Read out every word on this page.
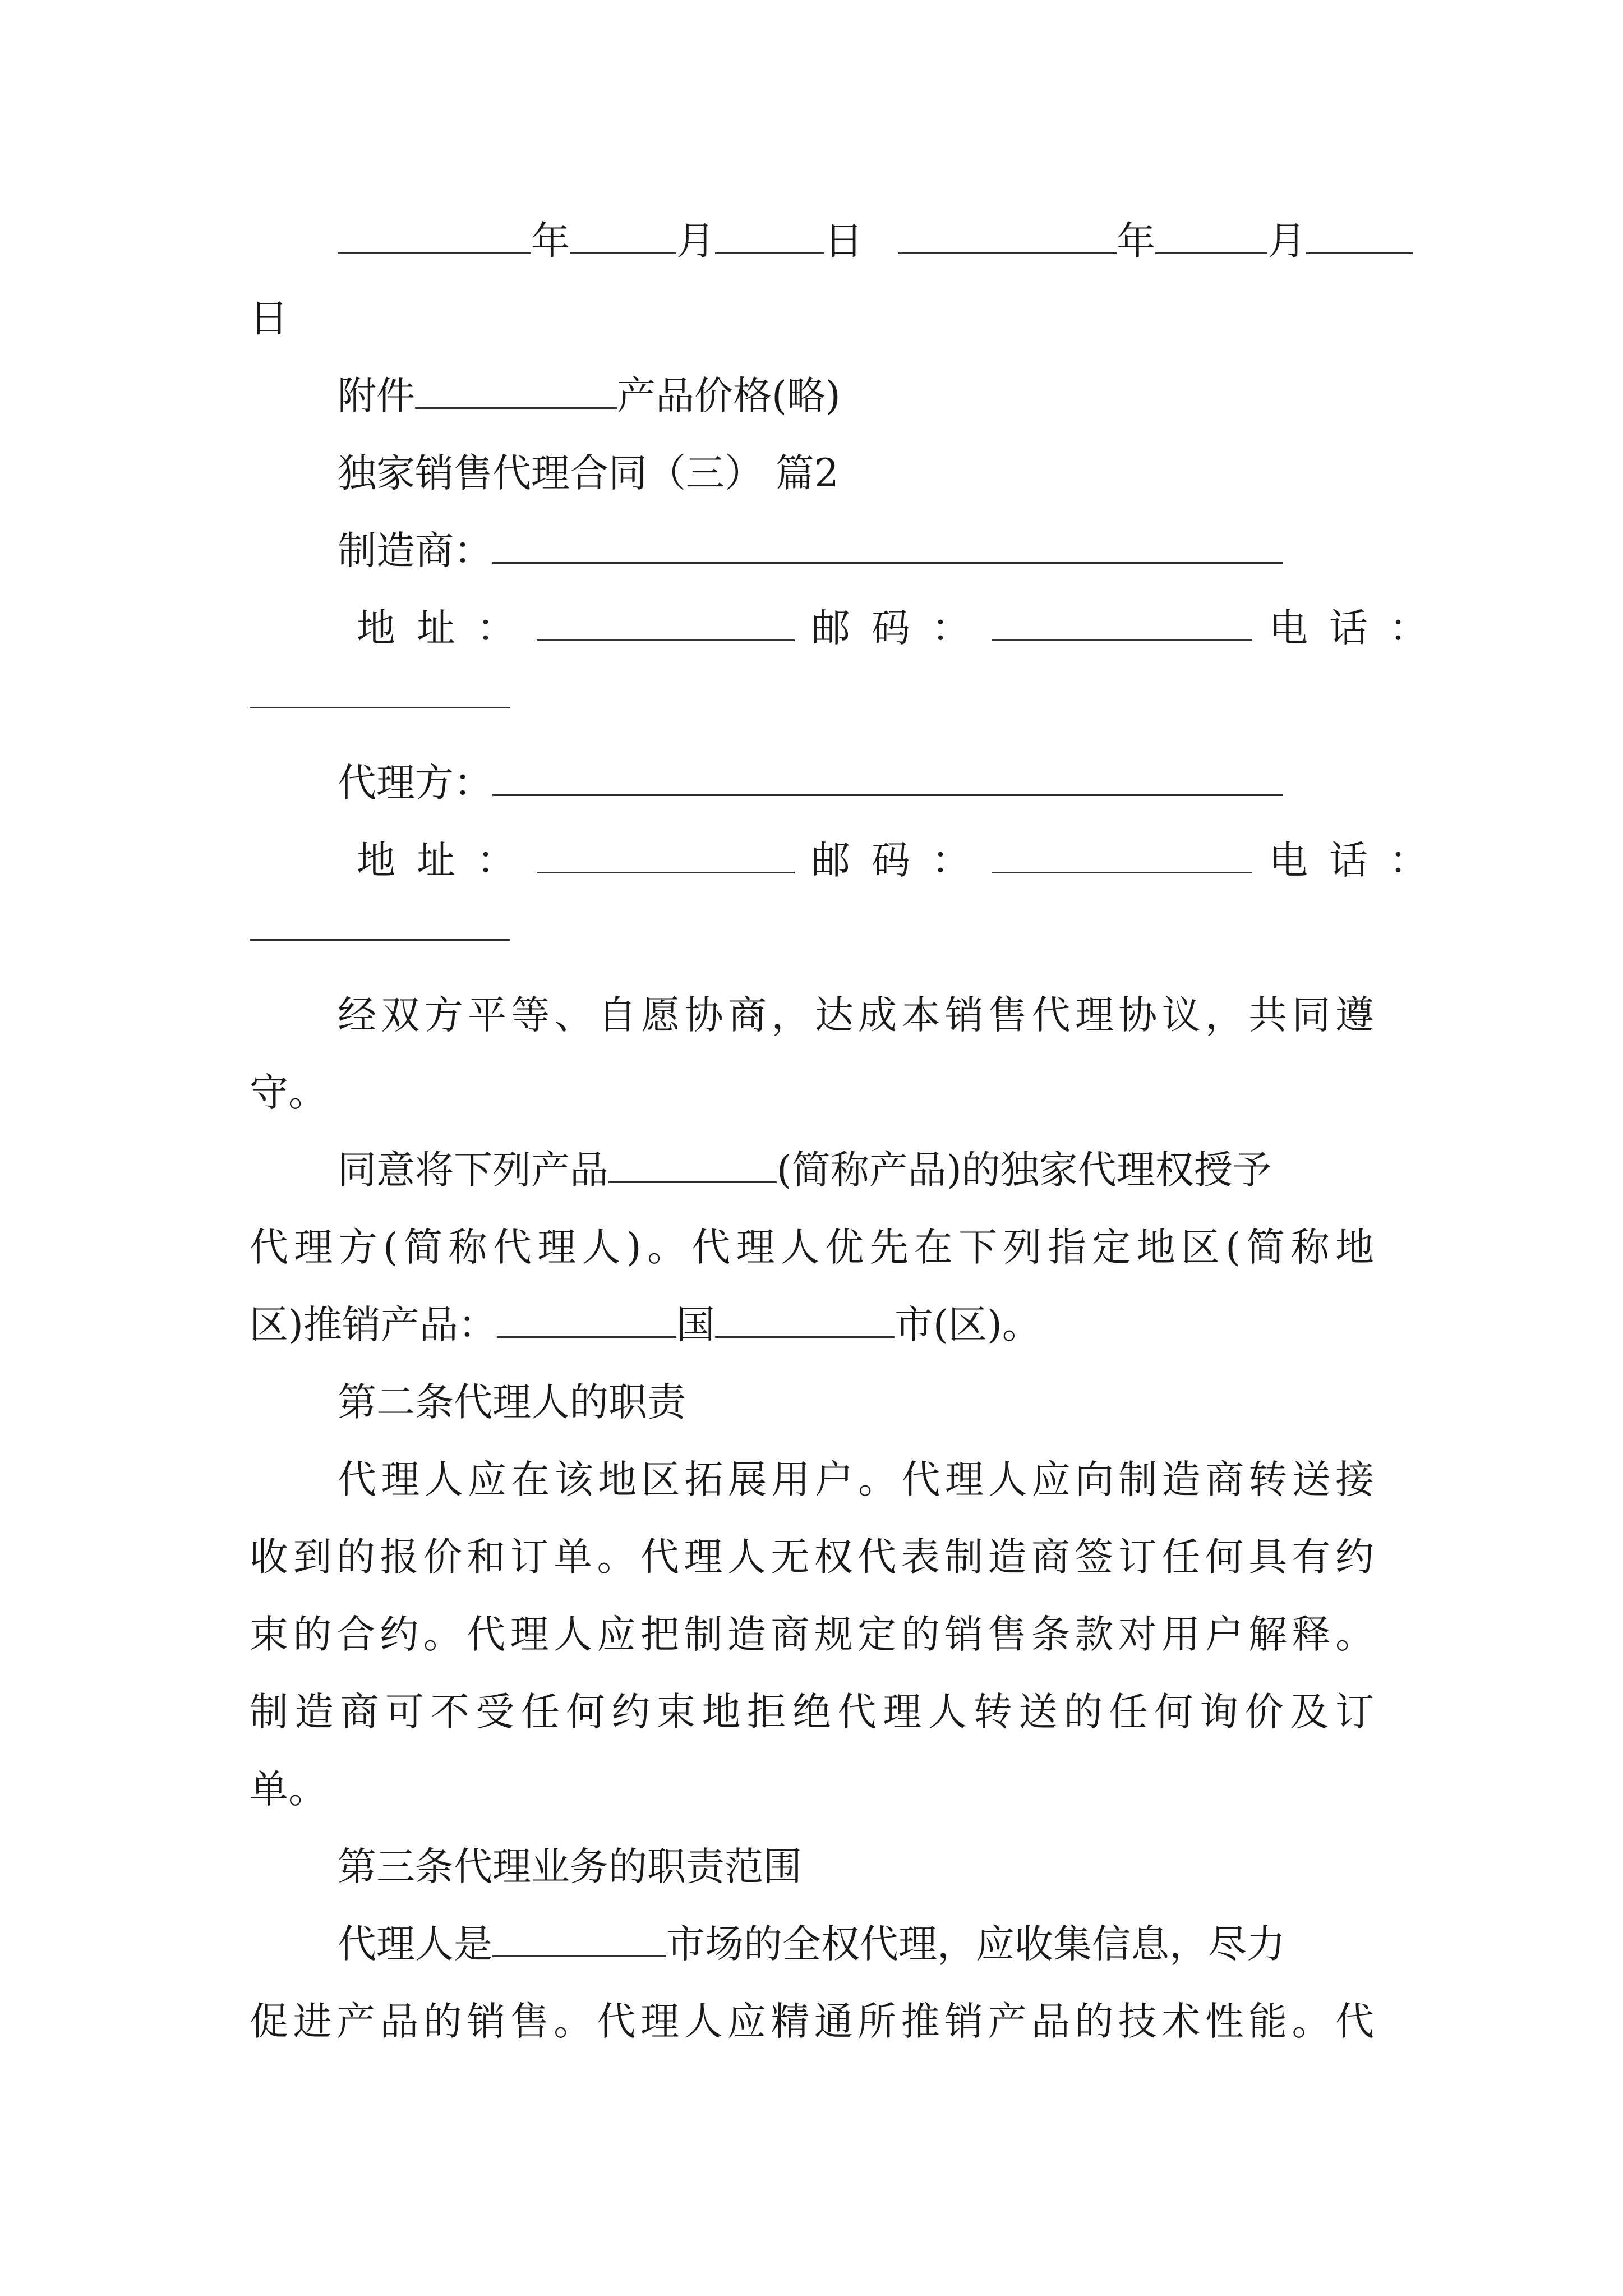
年	月	日	年	月
日
附件	产品价格(略)
独家销售代理合同（三） 篇2
制造商：
地址：	邮码：	电话：
代理方：
地址：	邮码：	电话：
经双方平等、自愿协商，达成本销售代理协议，共同遵
守。
同意将下列产品	(简称产品)的独家代理权授予
代理方(简称代理人)。代理人优先在下列指定地区(简称地
区)推销产品：	国	市(区)。
第二条代理人的职责
代理人应在该地区拓展用户。代理人应向制造商转送接
收到的报价和订单。代理人无权代表制造商签订任何具有约
束的合约。代理人应把制造商规定的销售条款对用户解释。
制造商可不受任何约束地拒绝代理人转送的任何询价及订
单。
第三条代理业务的职责范围
代理人是	市场的全权代理，应收集信息，尽力
促进产品的销售。代理人应精通所推销产品的技术性能。代
